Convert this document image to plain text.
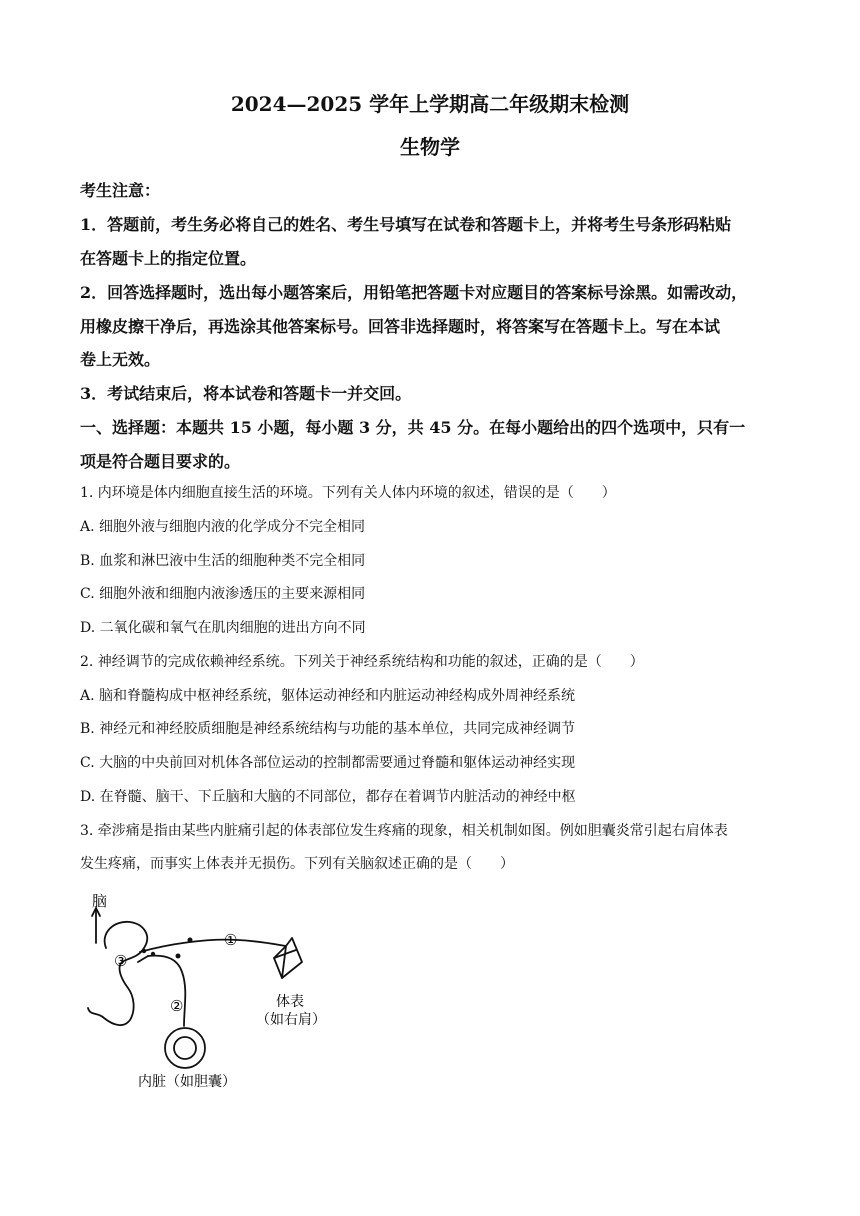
2024—2025 学年上学期高二年级期末检测
生物学
考生注意：
1．答题前，考生务必将自己的姓名、考生号填写在试卷和答题卡上，并将考生号条形码粘贴
在答题卡上的指定位置。
2．回答选择题时，选出每小题答案后，用铅笔把答题卡对应题目的答案标号涂黑。如需改动，
用橡皮擦干净后，再选涂其他答案标号。回答非选择题时，将答案写在答题卡上。写在本试
卷上无效。
3．考试结束后，将本试卷和答题卡一并交回。
一、选择题：本题共 15 小题，每小题 3 分，共 45 分。在每小题给出的四个选项中，只有一
项是符合题目要求的。
1. 内环境是体内细胞直接生活的环境。下列有关人体内环境的叙述，错误的是（　　）
A. 细胞外液与细胞内液的化学成分不完全相同
B. 血浆和淋巴液中生活的细胞种类不完全相同
C. 细胞外液和细胞内液渗透压的主要来源相同
D. 二氧化碳和氧气在肌肉细胞的进出方向不同
2. 神经调节的完成依赖神经系统。下列关于神经系统结构和功能的叙述，正确的是（　　）
A. 脑和脊髓构成中枢神经系统，躯体运动神经和内脏运动神经构成外周神经系统
B. 神经元和神经胶质细胞是神经系统结构与功能的基本单位，共同完成神经调节
C. 大脑的中央前回对机体各部位运动的控制都需要通过脊髓和躯体运动神经实现
D. 在脊髓、脑干、下丘脑和大脑的不同部位，都存在着调节内脏活动的神经中枢
3. 牵涉痛是指由某些内脏痛引起的体表部位发生疼痛的现象，相关机制如图。例如胆囊炎常引起右肩体表
发生疼痛，而事实上体表并无损伤。下列有关脑叙述正确的是（　　）
脑
①
③
②	体表
（如右肩）
内脏（如胆囊）
